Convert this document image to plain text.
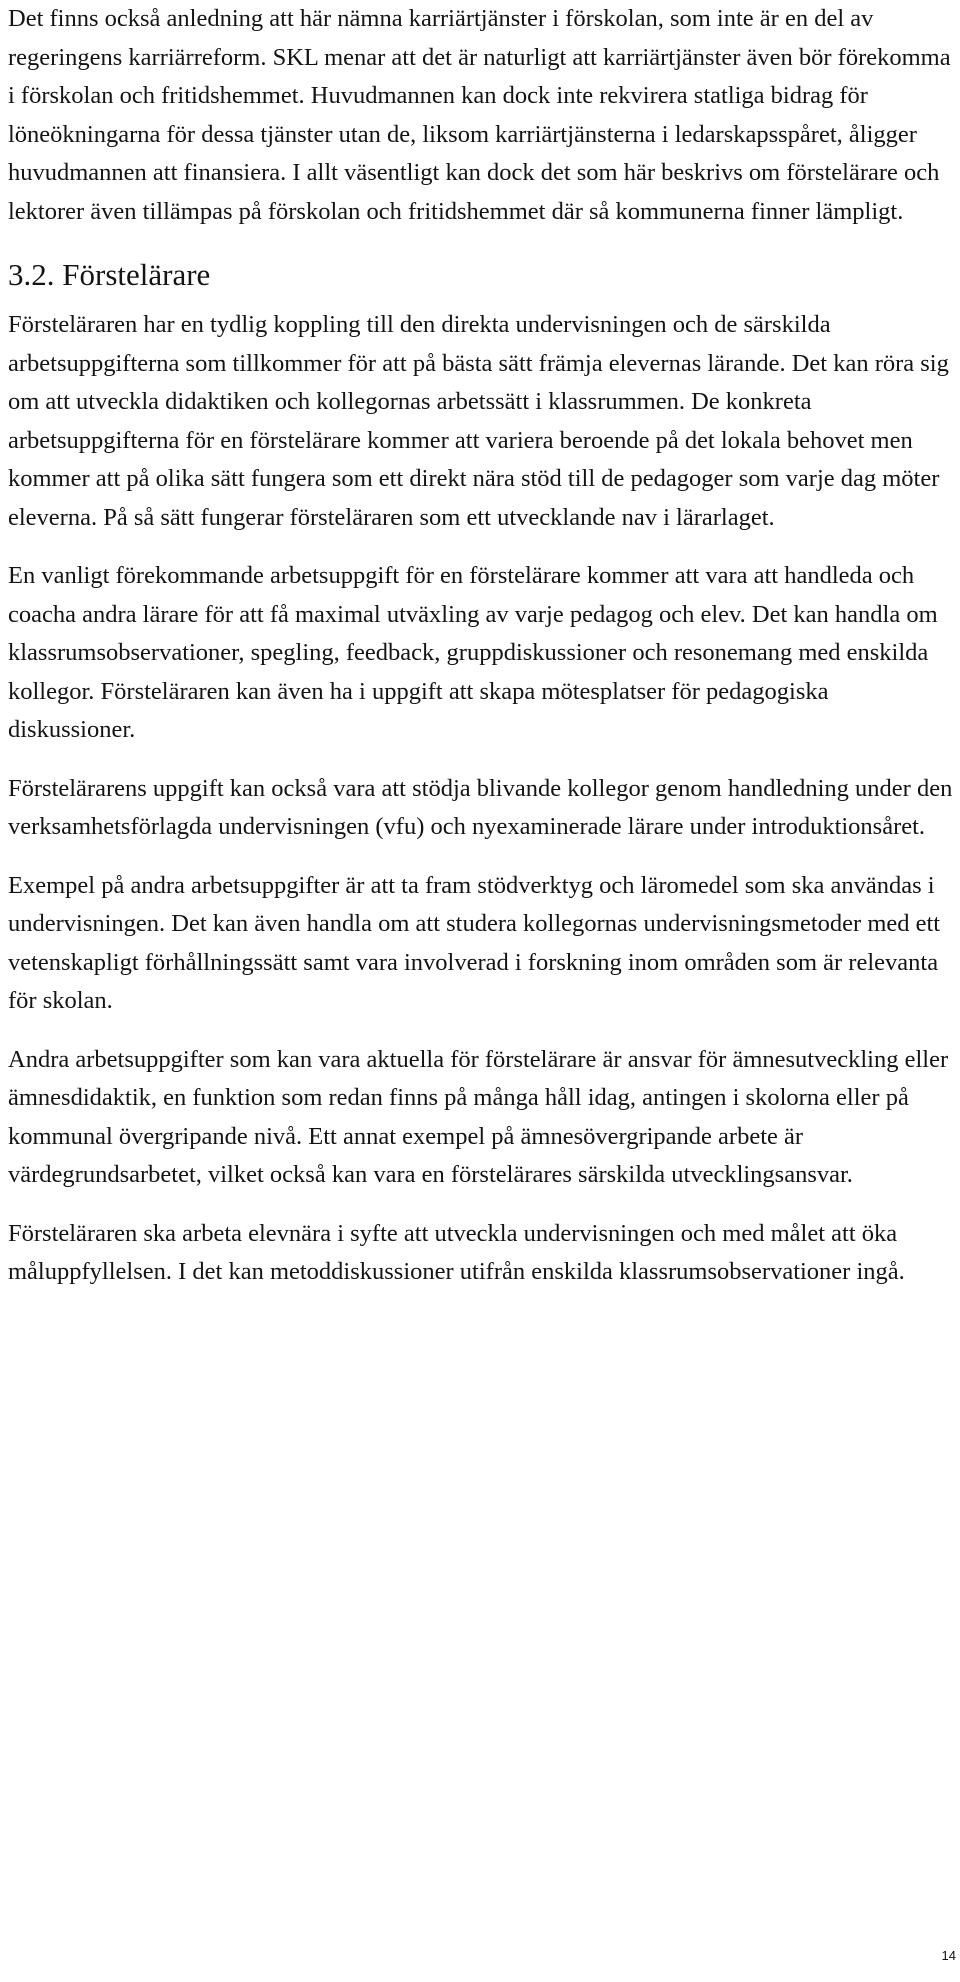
Det finns också anledning att här nämna karriärtjänster i förskolan, som inte är en del av regeringens karriärreform. SKL menar att det är naturligt att karriärtjänster även bör förekomma i förskolan och fritidshemmet. Huvudmannen kan dock inte rekvirera statliga bidrag för löneökningarna för dessa tjänster utan de, liksom karriärtjänsterna i ledarskapsspåret, åligger huvudmannen att finansiera. I allt väsentligt kan dock det som här beskrivs om förstelärare och lektorer även tillämpas på förskolan och fritidshemmet där så kommunerna finner lämpligt.

3.2. Förstelärare

Försteläraren har en tydlig koppling till den direkta undervisningen och de särskilda arbetsuppgifterna som tillkommer för att på bästa sätt främja elevernas lärande. Det kan röra sig om att utveckla didaktiken och kollegornas arbetssätt i klassrummen. De konkreta arbetsuppgifterna för en förstelärare kommer att variera beroende på det lokala behovet men kommer att på olika sätt fungera som ett direkt nära stöd till de pedagoger som varje dag möter eleverna. På så sätt fungerar försteläraren som ett utvecklande nav i lärarlaget.

En vanligt förekommande arbetsuppgift för en förstelärare kommer att vara att handleda och coacha andra lärare för att få maximal utväxling av varje pedagog och elev. Det kan handla om klassrumsobservationer, spegling, feedback, gruppdiskussioner och resonemang med enskilda kollegor. Försteläraren kan även ha i uppgift att skapa mötesplatser för pedagogiska diskussioner.

Förstelärarens uppgift kan också vara att stödja blivande kollegor genom handledning under den verksamhetsförlagda undervisningen (vfu) och nyexaminerade lärare under introduktionsåret.

Exempel på andra arbetsuppgifter är att ta fram stödverktyg och läromedel som ska användas i undervisningen. Det kan även handla om att studera kollegornas undervisningsmetoder med ett vetenskapligt förhållningssätt samt vara involverad i forskning inom områden som är relevanta för skolan.

Andra arbetsuppgifter som kan vara aktuella för förstelärare är ansvar för ämnesutveckling eller ämnesdidaktik, en funktion som redan finns på många håll idag, antingen i skolorna eller på kommunal övergripande nivå. Ett annat exempel på ämnesövergripande arbete är värdegrundsarbetet, vilket också kan vara en förstelärares särskilda utvecklingsansvar.

Försteläraren ska arbeta elevnära i syfte att utveckla undervisningen och med målet att öka måluppfyllelsen. I det kan metoddiskussioner utifrån enskilda klassrumsobservationer ingå.

14
